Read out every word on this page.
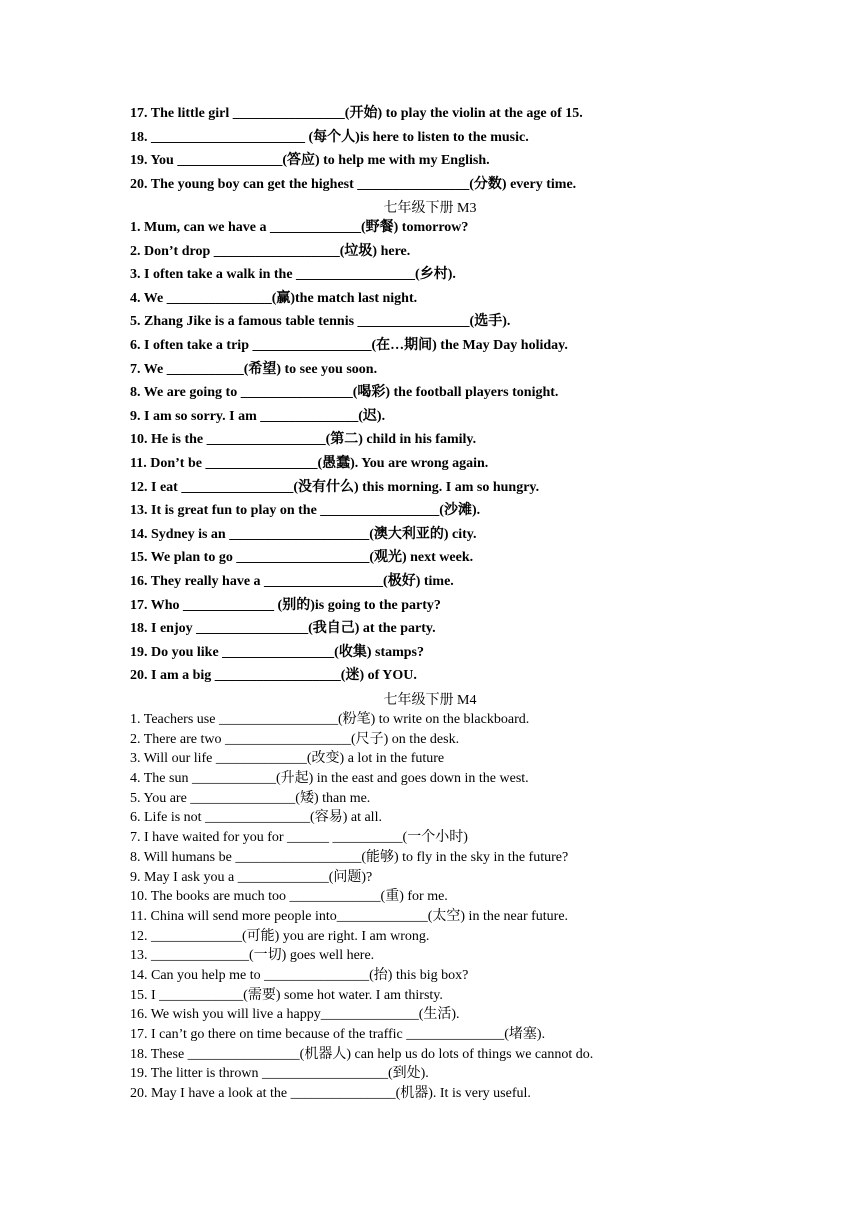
17. The little girl ________________(开始) to play the violin at the age of 15.
18. ______________________ (每个人)is here to listen to the music.
19. You _______________(答应) to help me with my English.
20. The young boy can get the highest ________________(分数) every time.
七年级下册 M3
1. Mum, can we have a _____________(野餐) tomorrow?
2. Don’t drop __________________(垃圾) here.
3. I often take a walk in the _________________(乡村).
4. We _______________(赢)the match last night.
5. Zhang Jike is a famous table tennis ________________(选手).
6. I often take a trip _________________(在…期间) the May Day holiday.
7. We ___________(希望) to see you soon.
8. We are going to ________________(喝彩) the football players tonight.
9. I am so sorry. I am ______________(迟).
10. He is the _________________(第二) child in his family.
11. Don’t be ________________(愚蠢). You are wrong again.
12. I eat ________________(没有什么) this morning. I am so hungry.
13. It is great fun to play on the _________________(沙滩).
14. Sydney is an ____________________(澳大利亚的) city.
15. We plan to go ___________________(观光) next week.
16. They really have a _________________(极好) time.
17. Who _____________ (别的)is going to the party?
18. I enjoy ________________(我自己) at the party.
19. Do you like ________________(收集) stamps?
20. I am a big __________________(迷) of YOU.
七年级下册 M4
1. Teachers use _________________(粉笔) to write on the blackboard.
2. There are two __________________(尺子) on the desk.
3. Will our life _____________(改变) a lot in the future
4. The sun ____________(升起) in the east and goes down in the west.
5. You are _______________(矮) than me.
6. Life is not _______________(容易) at all.
7. I have waited for you for ______ __________(一个小时)
8. Will humans be __________________(能够) to fly in the sky in the future?
9. May I ask you a _____________(问题)?
10. The books are much too _____________(重) for me.
11. China will send more people into_____________(太空) in the near future.
12. _____________(可能) you are right. I am wrong.
13. ______________(一切) goes well here.
14. Can you help me to _______________(抬) this big box?
15. I ____________(需要) some hot water. I am thirsty.
16. We wish you will live a happy______________(生活).
17. I can’t go there on time because of the traffic ______________(堵塞).
18. These ________________(机器人) can help us do lots of things we cannot do.
19. The litter is thrown __________________(到处).
20. May I have a look at the _______________(机器). It is very useful.
